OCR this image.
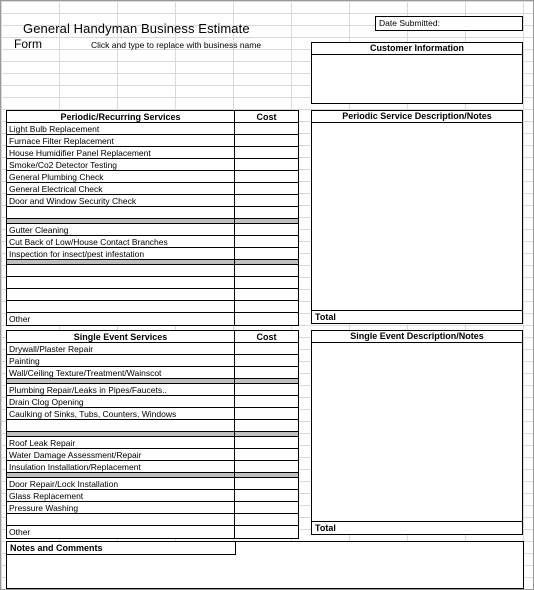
General Handyman Business Estimate
Form	Click and type to replace with business name
Date Submitted:
Customer Information
Periodic/Recurring Services	Cost
Light Bulb Replacement	
Furnace Filter Replacement	
House Humidifier Panel Replacement	
Smoke/Co2 Detector Testing	
General Plumbing Check	
General Electrical Check	
Door and Window Security Check	

Gutter Cleaning	
Cut Back of Low/House Contact Branches	
Inspection for insect/pest infestation	

Other	
Periodic Service Description/Notes
Total
Single Event Services	Cost
Drywall/Plaster Repair	
Painting	
Wall/Ceiling Texture/Treatment/Wainscot	

Plumbing Repair/Leaks in Pipes/Faucets..	
Drain Clog Opening	
Caulking of Sinks, Tubs, Counters, Windows	

Roof Leak Repair	
Water Damage Assessment/Repair	
Insulation Installation/Replacement	

Door Repair/Lock Installation	
Glass Replacement	
Pressure Washing	

Other	
Single Event Description/Notes
Total
Notes and Comments
